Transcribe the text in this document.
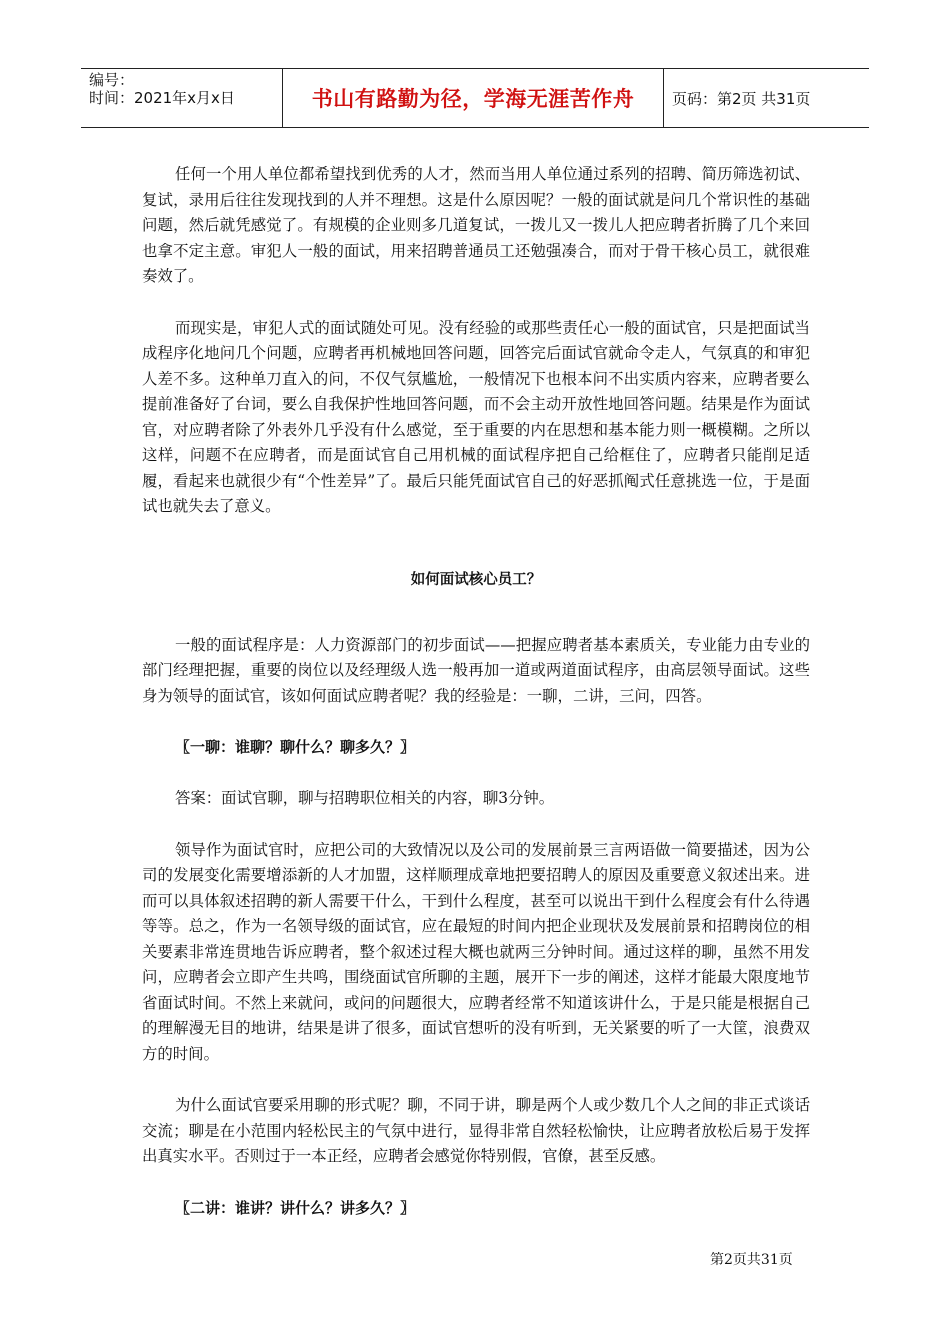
编号：
时间：2021年x月x日	书山有路勤为径，学海无涯苦作舟	页码：第2页 共31页

任何一个用人单位都希望找到优秀的人才，然而当用人单位通过系列的招聘、简历筛选初试、复试，录用后往往发现找到的人并不理想。这是什么原因呢？一般的面试就是问几个常识性的基础问题，然后就凭感觉了。有规模的企业则多几道复试，一拨儿又一拨儿人把应聘者折腾了几个来回也拿不定主意。审犯人一般的面试，用来招聘普通员工还勉强凑合，而对于骨干核心员工，就很难奏效了。

而现实是，审犯人式的面试随处可见。没有经验的或那些责任心一般的面试官，只是把面试当成程序化地问几个问题，应聘者再机械地回答问题，回答完后面试官就命令走人，气氛真的和审犯人差不多。这种单刀直入的问，不仅气氛尴尬，一般情况下也根本问不出实质内容来，应聘者要么提前准备好了台词，要么自我保护性地回答问题，而不会主动开放性地回答问题。结果是作为面试官，对应聘者除了外表外几乎没有什么感觉，至于重要的内在思想和基本能力则一概模糊。之所以这样，问题不在应聘者，而是面试官自己用机械的面试程序把自己给框住了，应聘者只能削足适履，看起来也就很少有“个性差异”了。最后只能凭面试官自己的好恶抓阄式任意挑选一位，于是面试也就失去了意义。

如何面试核心员工？

一般的面试程序是：人力资源部门的初步面试——把握应聘者基本素质关，专业能力由专业的部门经理把握，重要的岗位以及经理级人选一般再加一道或两道面试程序，由高层领导面试。这些身为领导的面试官，该如何面试应聘者呢？我的经验是：一聊，二讲，三问，四答。

〖一聊：谁聊？聊什么？聊多久？〗

答案：面试官聊，聊与招聘职位相关的内容，聊3分钟。

领导作为面试官时，应把公司的大致情况以及公司的发展前景三言两语做一简要描述，因为公司的发展变化需要增添新的人才加盟，这样顺理成章地把要招聘人的原因及重要意义叙述出来。进而可以具体叙述招聘的新人需要干什么，干到什么程度，甚至可以说出干到什么程度会有什么待遇等等。总之，作为一名领导级的面试官，应在最短的时间内把企业现状及发展前景和招聘岗位的相关要素非常连贯地告诉应聘者，整个叙述过程大概也就两三分钟时间。通过这样的聊，虽然不用发问，应聘者会立即产生共鸣，围绕面试官所聊的主题，展开下一步的阐述，这样才能最大限度地节省面试时间。不然上来就问，或问的问题很大，应聘者经常不知道该讲什么，于是只能是根据自己的理解漫无目的地讲，结果是讲了很多，面试官想听的没有听到，无关紧要的听了一大筐，浪费双方的时间。

为什么面试官要采用聊的形式呢？聊，不同于讲，聊是两个人或少数几个人之间的非正式谈话交流；聊是在小范围内轻松民主的气氛中进行，显得非常自然轻松愉快，让应聘者放松后易于发挥出真实水平。否则过于一本正经，应聘者会感觉你特别假，官僚，甚至反感。

〖二讲：谁讲？讲什么？讲多久？〗
第2页共31页
